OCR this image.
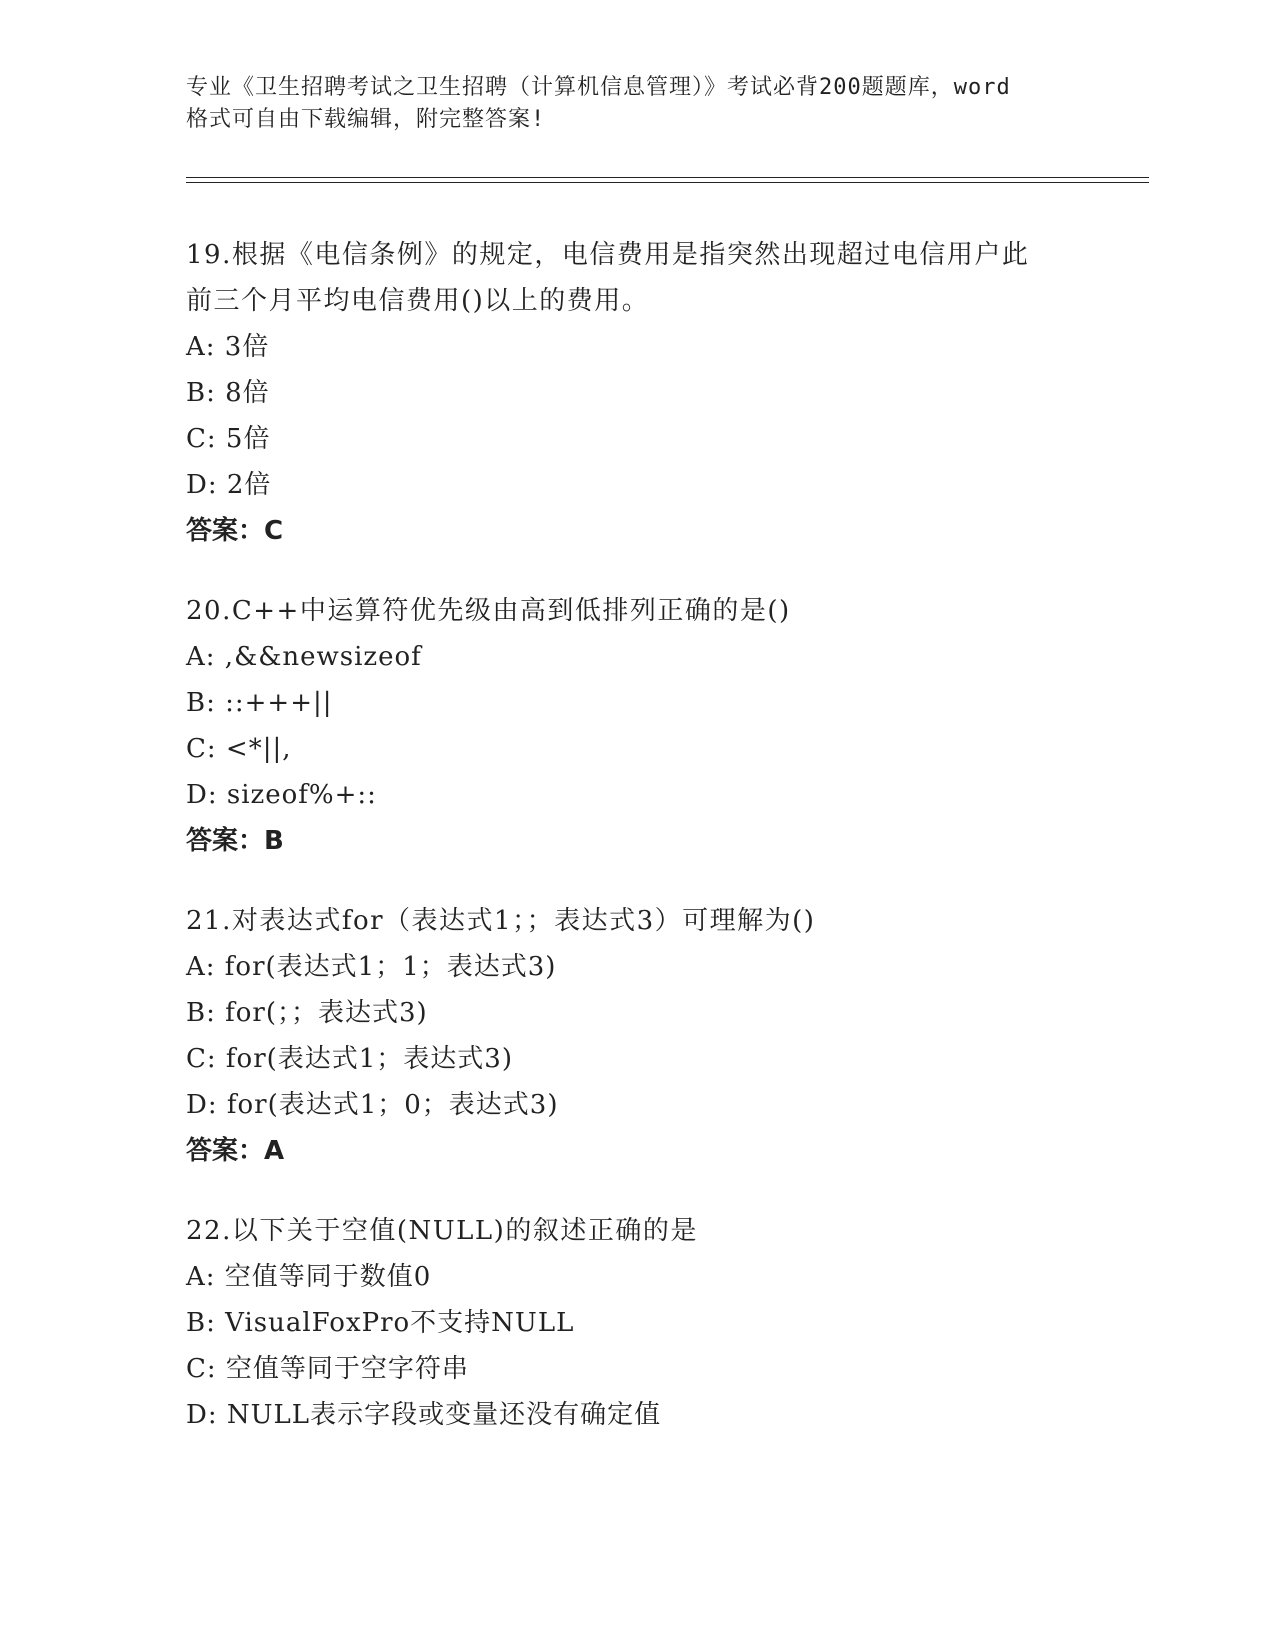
专业《卫生招聘考试之卫生招聘（计算机信息管理）》考试必背200题题库，word
格式可自由下载编辑，附完整答案!
19.根据《电信条例》的规定，电信费用是指突然出现超过电信用户此
前三个月平均电信费用()以上的费用。
A: 3倍
B: 8倍
C: 5倍
D: 2倍
答案：C
20.C++中运算符优先级由高到低排列正确的是()
A: ,&&newsizeof
B: ::+++||
C: <*||,
D: sizeof%+::
答案：B
21.对表达式for（表达式1；；表达式3）可理解为()
A: for(表达式1；1；表达式3)
B: for(；；表达式3)
C: for(表达式1；表达式3)
D: for(表达式1；0；表达式3)
答案：A
22.以下关于空值(NULL)的叙述正确的是
A: 空值等同于数值0
B: VisualFoxPro不支持NULL
C: 空值等同于空字符串
D: NULL表示字段或变量还没有确定值
